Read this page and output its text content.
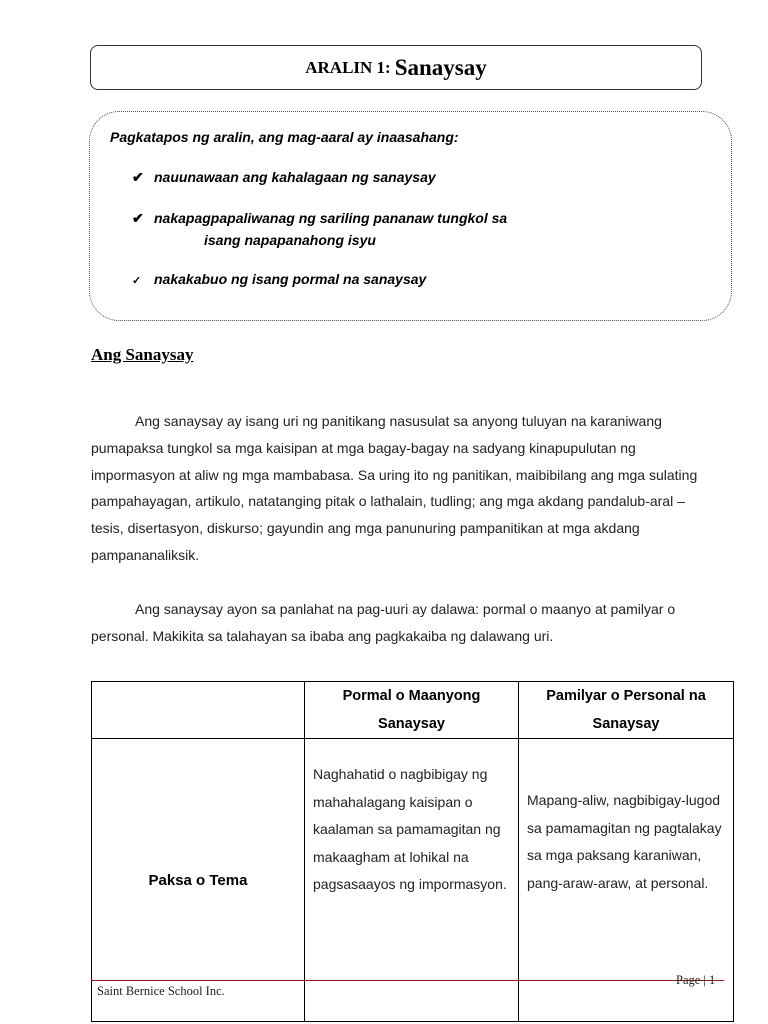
ARALIN 1: Sanaysay
Pagkatapos ng aralin, ang mag-aaral ay inaasahang:
✔ nauunawaan ang kahalagaan ng sanaysay
✔ nakapagpapaliwanag ng sariling pananaw tungkol sa
isang napapanahong isyu
✓ nakakabuo ng isang pormal na sanaysay
Ang Sanaysay

Ang sanaysay ay isang uri ng panitikang nasusulat sa anyong tuluyan na karaniwang pumapaksa tungkol sa mga kaisipan at mga bagay-bagay na sadyang kinapupulutan ng impormasyon at aliw ng mga mambabasa. Sa uring ito ng panitikan, maibibilang ang mga sulating pampahayagan, artikulo, natatanging pitak o lathalain, tudling; ang mga akdang pandalub-aral – tesis, disertasyon, diskurso; gayundin ang mga panunuring pampanitikan at mga akdang pampananaliksik.

Ang sanaysay ayon sa panlahat na pag-uuri ay dalawa: pormal o maanyo at pamilyar o personal. Makikita sa talahayan sa ibaba ang pagkakaiba ng dalawang uri.

	Pormal o Maanyong Sanaysay	Pamilyar o Personal na Sanaysay
Paksa o Tema	Naghahatid o nagbibigay ng mahahalagang kaisipan o kaalaman sa pamamagitan ng makaagham at lohikal na pagsasaayos ng impormasyon.	Mapang-aliw, nagbibigay-lugod sa pamamagitan ng pagtalakay sa mga paksang karaniwan, pang-araw-araw, at personal.
Page | 1
Saint Bernice School Inc.
